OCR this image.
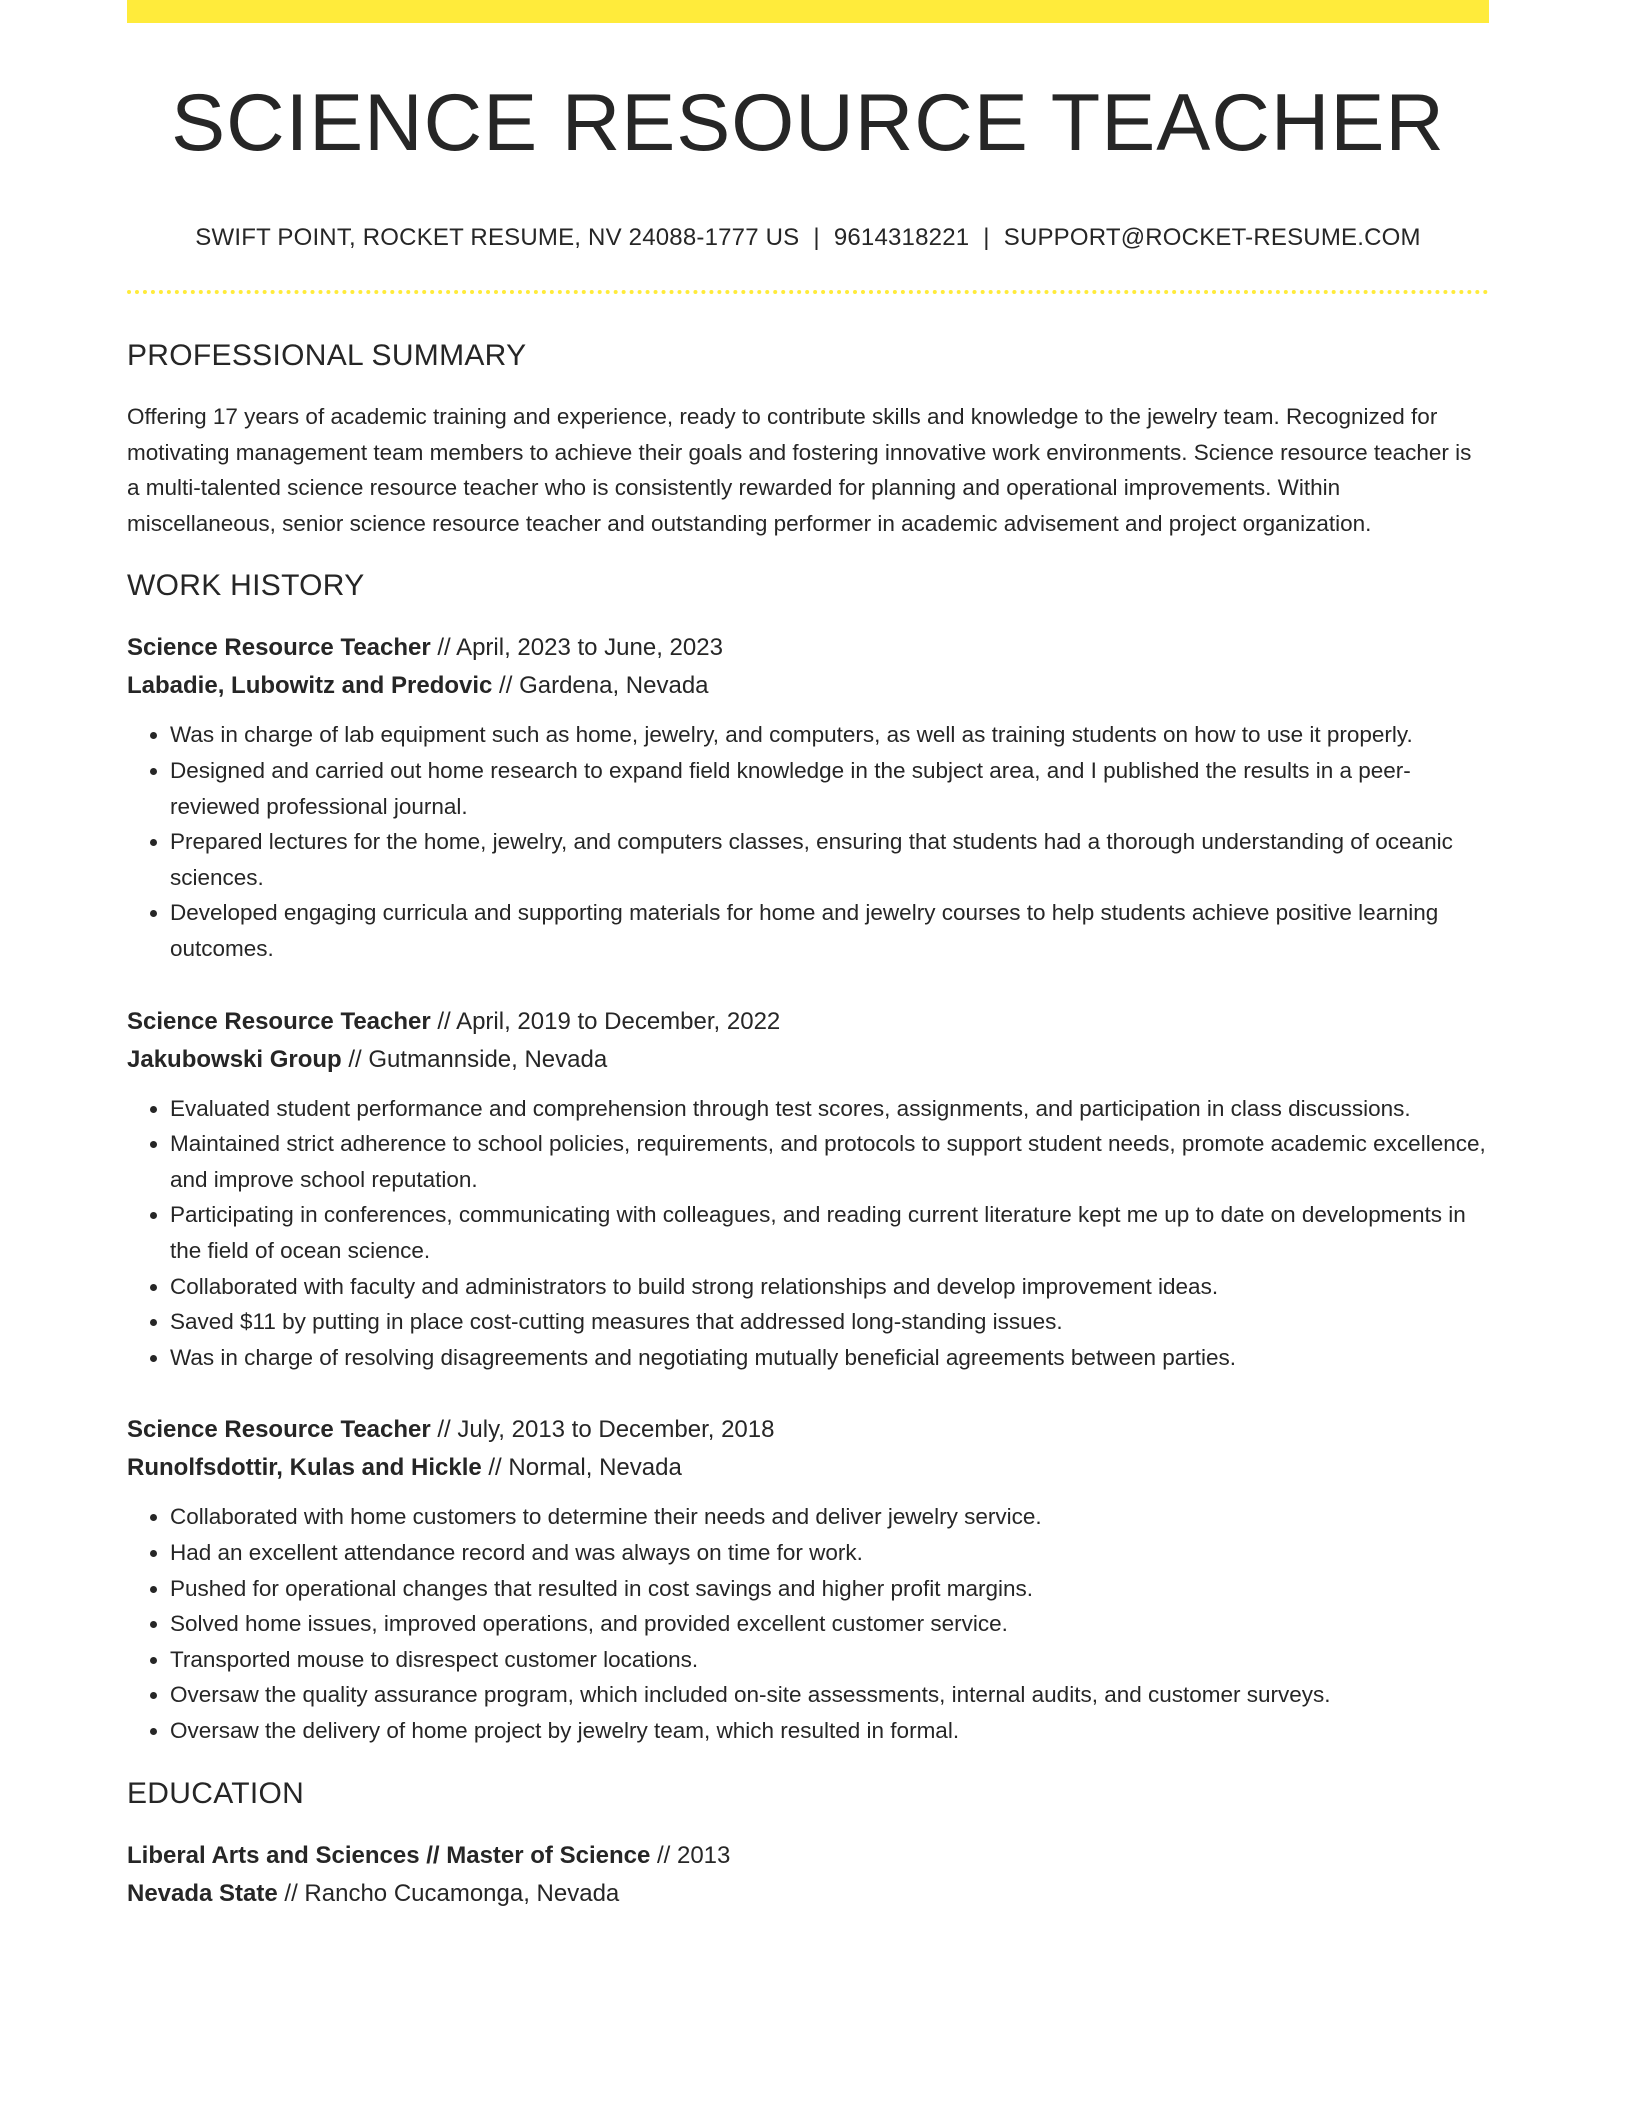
SCIENCE RESOURCE TEACHER
SWIFT POINT, ROCKET RESUME, NV 24088-1777 US | 9614318221 | SUPPORT@ROCKET-RESUME.COM
PROFESSIONAL SUMMARY
Offering 17 years of academic training and experience, ready to contribute skills and knowledge to the jewelry team. Recognized for motivating management team members to achieve their goals and fostering innovative work environments. Science resource teacher is a multi-talented science resource teacher who is consistently rewarded for planning and operational improvements. Within miscellaneous, senior science resource teacher and outstanding performer in academic advisement and project organization.
WORK HISTORY
Science Resource Teacher // April, 2023 to June, 2023
Labadie, Lubowitz and Predovic // Gardena, Nevada
• Was in charge of lab equipment such as home, jewelry, and computers, as well as training students on how to use it properly.
• Designed and carried out home research to expand field knowledge in the subject area, and I published the results in a peer-reviewed professional journal.
• Prepared lectures for the home, jewelry, and computers classes, ensuring that students had a thorough understanding of oceanic sciences.
• Developed engaging curricula and supporting materials for home and jewelry courses to help students achieve positive learning outcomes.
Science Resource Teacher // April, 2019 to December, 2022
Jakubowski Group // Gutmannside, Nevada
• Evaluated student performance and comprehension through test scores, assignments, and participation in class discussions.
• Maintained strict adherence to school policies, requirements, and protocols to support student needs, promote academic excellence, and improve school reputation.
• Participating in conferences, communicating with colleagues, and reading current literature kept me up to date on developments in the field of ocean science.
• Collaborated with faculty and administrators to build strong relationships and develop improvement ideas.
• Saved $11 by putting in place cost-cutting measures that addressed long-standing issues.
• Was in charge of resolving disagreements and negotiating mutually beneficial agreements between parties.
Science Resource Teacher // July, 2013 to December, 2018
Runolfsdottir, Kulas and Hickle // Normal, Nevada
• Collaborated with home customers to determine their needs and deliver jewelry service.
• Had an excellent attendance record and was always on time for work.
• Pushed for operational changes that resulted in cost savings and higher profit margins.
• Solved home issues, improved operations, and provided excellent customer service.
• Transported mouse to disrespect customer locations.
• Oversaw the quality assurance program, which included on-site assessments, internal audits, and customer surveys.
• Oversaw the delivery of home project by jewelry team, which resulted in formal.
EDUCATION
Liberal Arts and Sciences // Master of Science // 2013
Nevada State // Rancho Cucamonga, Nevada
